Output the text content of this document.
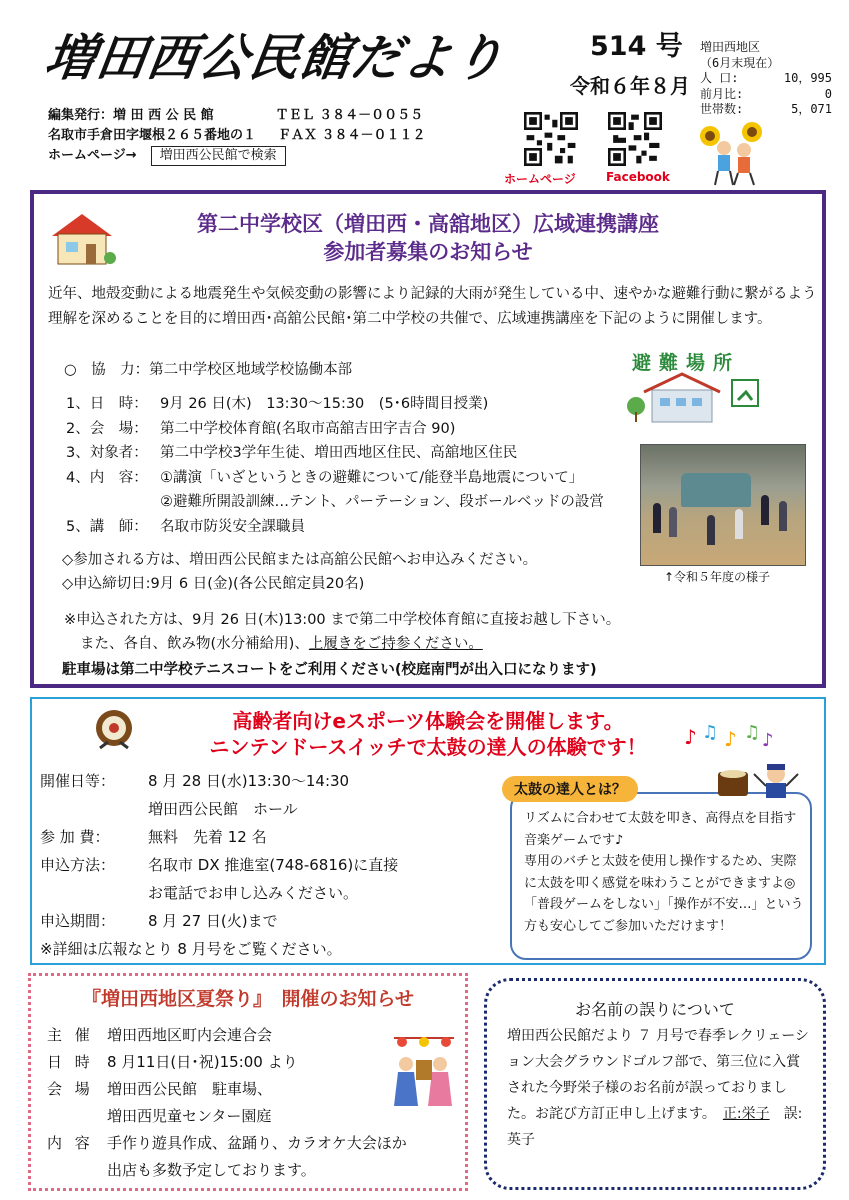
増田西公民館だより	514 号
令和６年８月
増田西地区
（6月末現在）
人 口:	10，995
前月比:	0
世帯数:	5，071
編集発行：増 田 西 公 民 館	ＴＥＬ ３８４－００５５
名取市手倉田字堰根２６５番地の１ ＦＡＸ ３８４－０１１２
ホームページ→ 増田西公民館で検索
ホームページ	Facebook
第二中学校区（増田西・高舘地区）広域連携講座
参加者募集のお知らせ
近年、地殻変動による地震発生や気候変動の影響により記録的大雨が発生している中、速やかな避難行動に繋がるよう理解を深めることを目的に増田西･高舘公民館･第二中学校の共催で、広域連携講座を下記のように開催します。
○　協　力：第二中学校区地域学校協働本部
1、日　時： 9月 26 日(木)　13:30～15:30　(5･6時間目授業)
2、会　場： 第二中学校体育館(名取市高舘吉田字吉合 90)
3、対象者： 第二中学校3学年生徒、増田西地区住民、高舘地区住民
4、内　容： ①講演「いざというときの避難について/能登半島地震について」
②避難所開設訓練…テント、パーテーション、段ボールベッドの設営
5、講　師： 名取市防災安全課職員
◇参加される方は、増田西公民館または高舘公民館へお申込みください。
◇申込締切日:9月 6 日(金)(各公民館定員20名)
※申込された方は、9月 26 日(木)13:00 まで第二中学校体育館に直接お越し下さい。
また、各自、飲み物(水分補給用)、上履きをご持参ください。
駐車場は第二中学校テニスコートをご利用ください(校庭南門が出入口になります)
避難場所
↑令和５年度の様子
高齢者向けeスポーツ体験会を開催します。
ニンテンドースイッチで太鼓の達人の体験です！
開催日等：	8 月 28 日(水)13:30～14:30
増田西公民館　ホール
参 加 費：	無料　先着 12 名
申込方法：	名取市 DX 推進室(748-6816)に直接
お電話でお申し込みください。
申込期間：	8 月 27 日(火)まで
※詳細は広報なとり 8 月号をご覧ください。
♪ ♫ ♪ ♫ ♪
太鼓の達人とは？
リズムに合わせて太鼓を叩き、高得点を目指す音楽ゲームです♪
専用のバチと太鼓を使用し操作するため、実際に太鼓を叩く感覚を味わうことができますよ◎
「普段ゲームをしない」「操作が不安…」という方も安心してご参加いただけます！
『増田西地区夏祭り』　開催のお知らせ
主 催 増田西地区町内会連合会
日 時 8 月11日(日･祝)15:00 より
会 場 増田西公民館　駐車場、
増田西児童センター園庭
内 容 手作り遊具作成、盆踊り、カラオケ大会ほか
出店も多数予定しております。
お名前の誤りについて
増田西公民館だより ７ 月号で春季レクリェーション大会グラウンドゴルフ部で、第三位に入賞された今野栄子様のお名前が誤っておりました。お詫び方訂正申し上げます。　 正:栄子　 誤:英子
